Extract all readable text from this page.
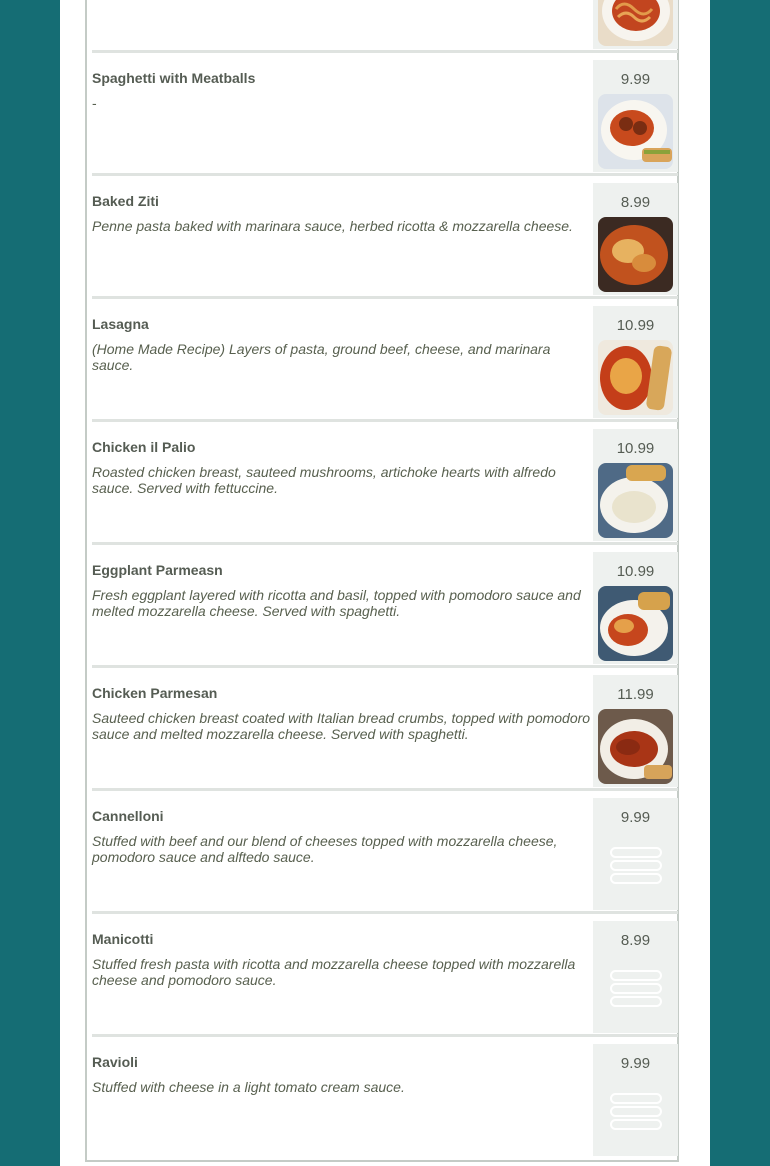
Spaghetti with Meatballs
-
9.99
Baked Ziti
Penne pasta baked with marinara sauce, herbed ricotta & mozzarella cheese.
8.99
Lasagna
(Home Made Recipe) Layers of pasta, ground beef, cheese, and marinara sauce.
10.99
Chicken il Palio
Roasted chicken breast, sauteed mushrooms, artichoke hearts with alfredo sauce. Served with fettuccine.
10.99
Eggplant Parmeasn
Fresh eggplant layered with ricotta and basil, topped with pomodoro sauce and melted mozzarella cheese. Served with spaghetti.
10.99
Chicken Parmesan
Sauteed chicken breast coated with Italian bread crumbs, topped with pomodoro sauce and melted mozzarella cheese. Served with spaghetti.
11.99
Cannelloni
Stuffed with beef and our blend of cheeses topped with mozzarella cheese, pomodoro sauce and alftedo sauce.
9.99
Manicotti
Stuffed fresh pasta with ricotta and mozzarella cheese topped with mozzarella cheese and pomodoro sauce.
8.99
Ravioli
Stuffed with cheese in a light tomato cream sauce.
9.99
